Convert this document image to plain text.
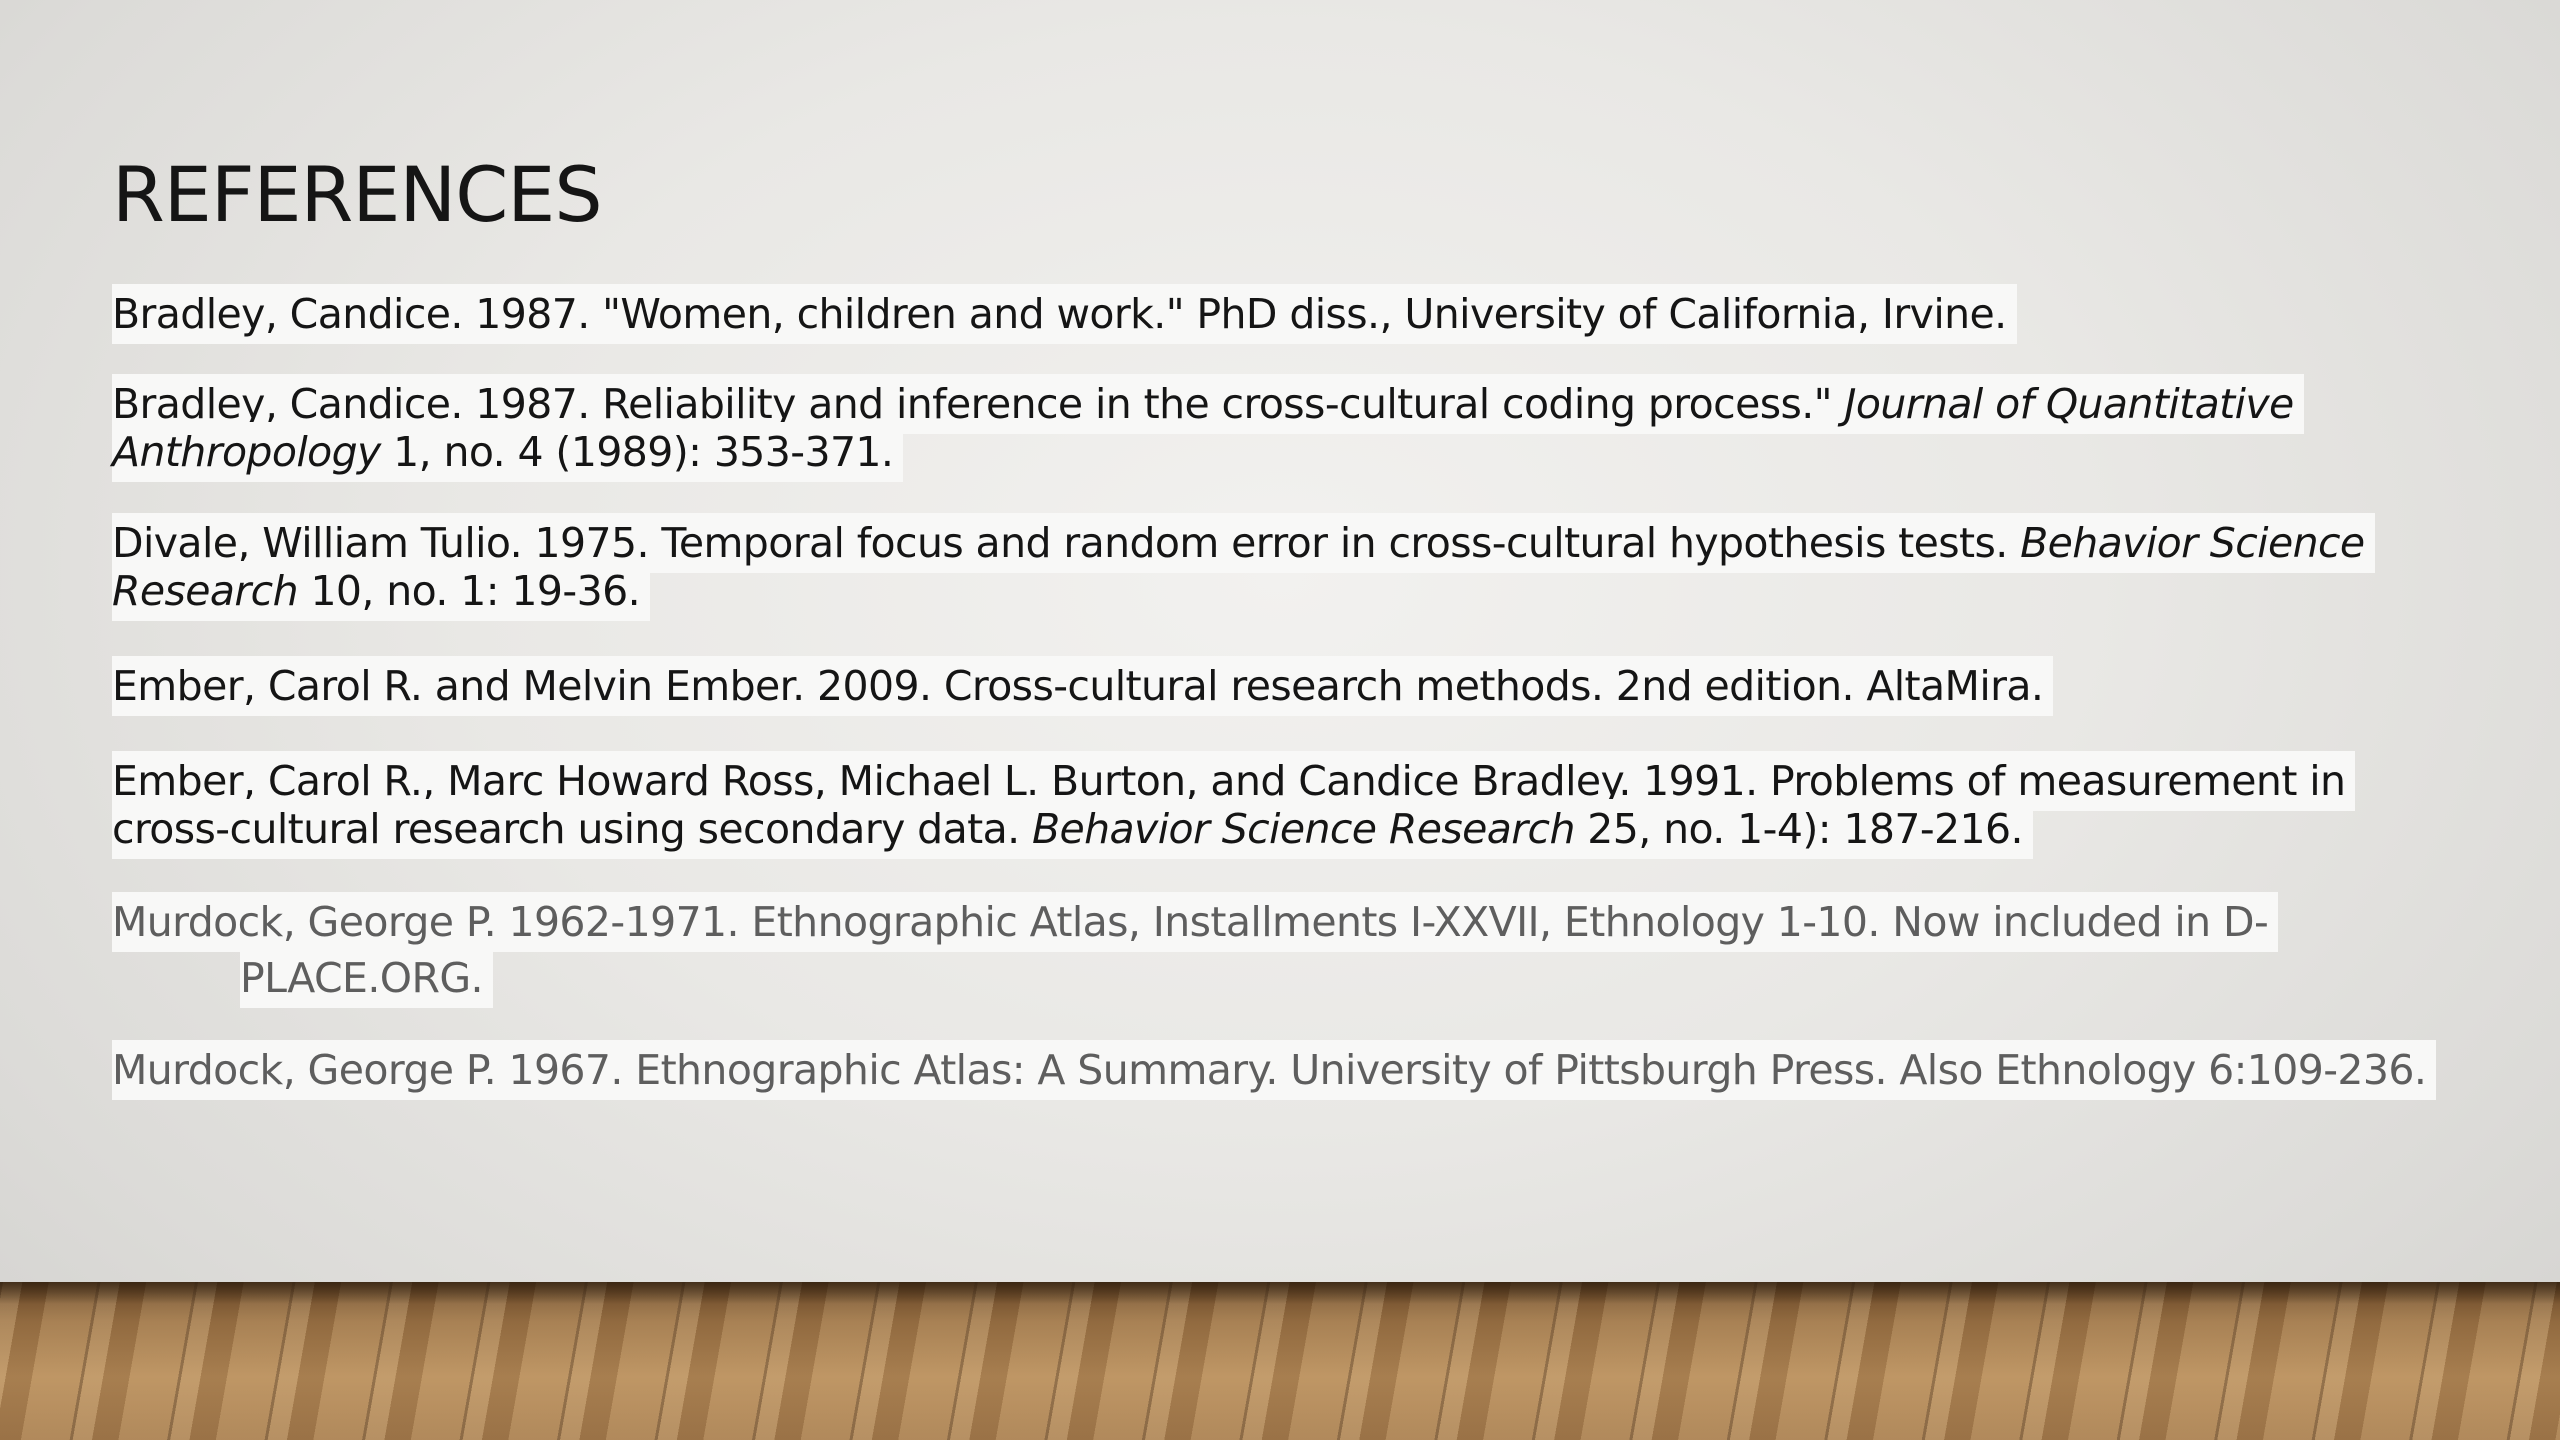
REFERENCES

Bradley, Candice. 1987. "Women, children and work." PhD diss., University of California, Irvine.

Bradley, Candice. 1987. Reliability and inference in the cross-cultural coding process." Journal of Quantitative Anthropology 1, no. 4 (1989): 353-371.

Divale, William Tulio. 1975. Temporal focus and random error in cross-cultural hypothesis tests. Behavior Science Research 10, no. 1: 19-36.

Ember, Carol R. and Melvin Ember. 2009. Cross-cultural research methods. 2nd edition. AltaMira.

Ember, Carol R., Marc Howard Ross, Michael L. Burton, and Candice Bradley. 1991. Problems of measurement in cross-cultural research using secondary data. Behavior Science Research 25, no. 1-4): 187-216.

Murdock, George P. 1962-1971. Ethnographic Atlas, Installments I-XXVII, Ethnology 1-10. Now included in D-PLACE.ORG.

Murdock, George P. 1967. Ethnographic Atlas: A Summary. University of Pittsburgh Press. Also Ethnology 6:109-236.
